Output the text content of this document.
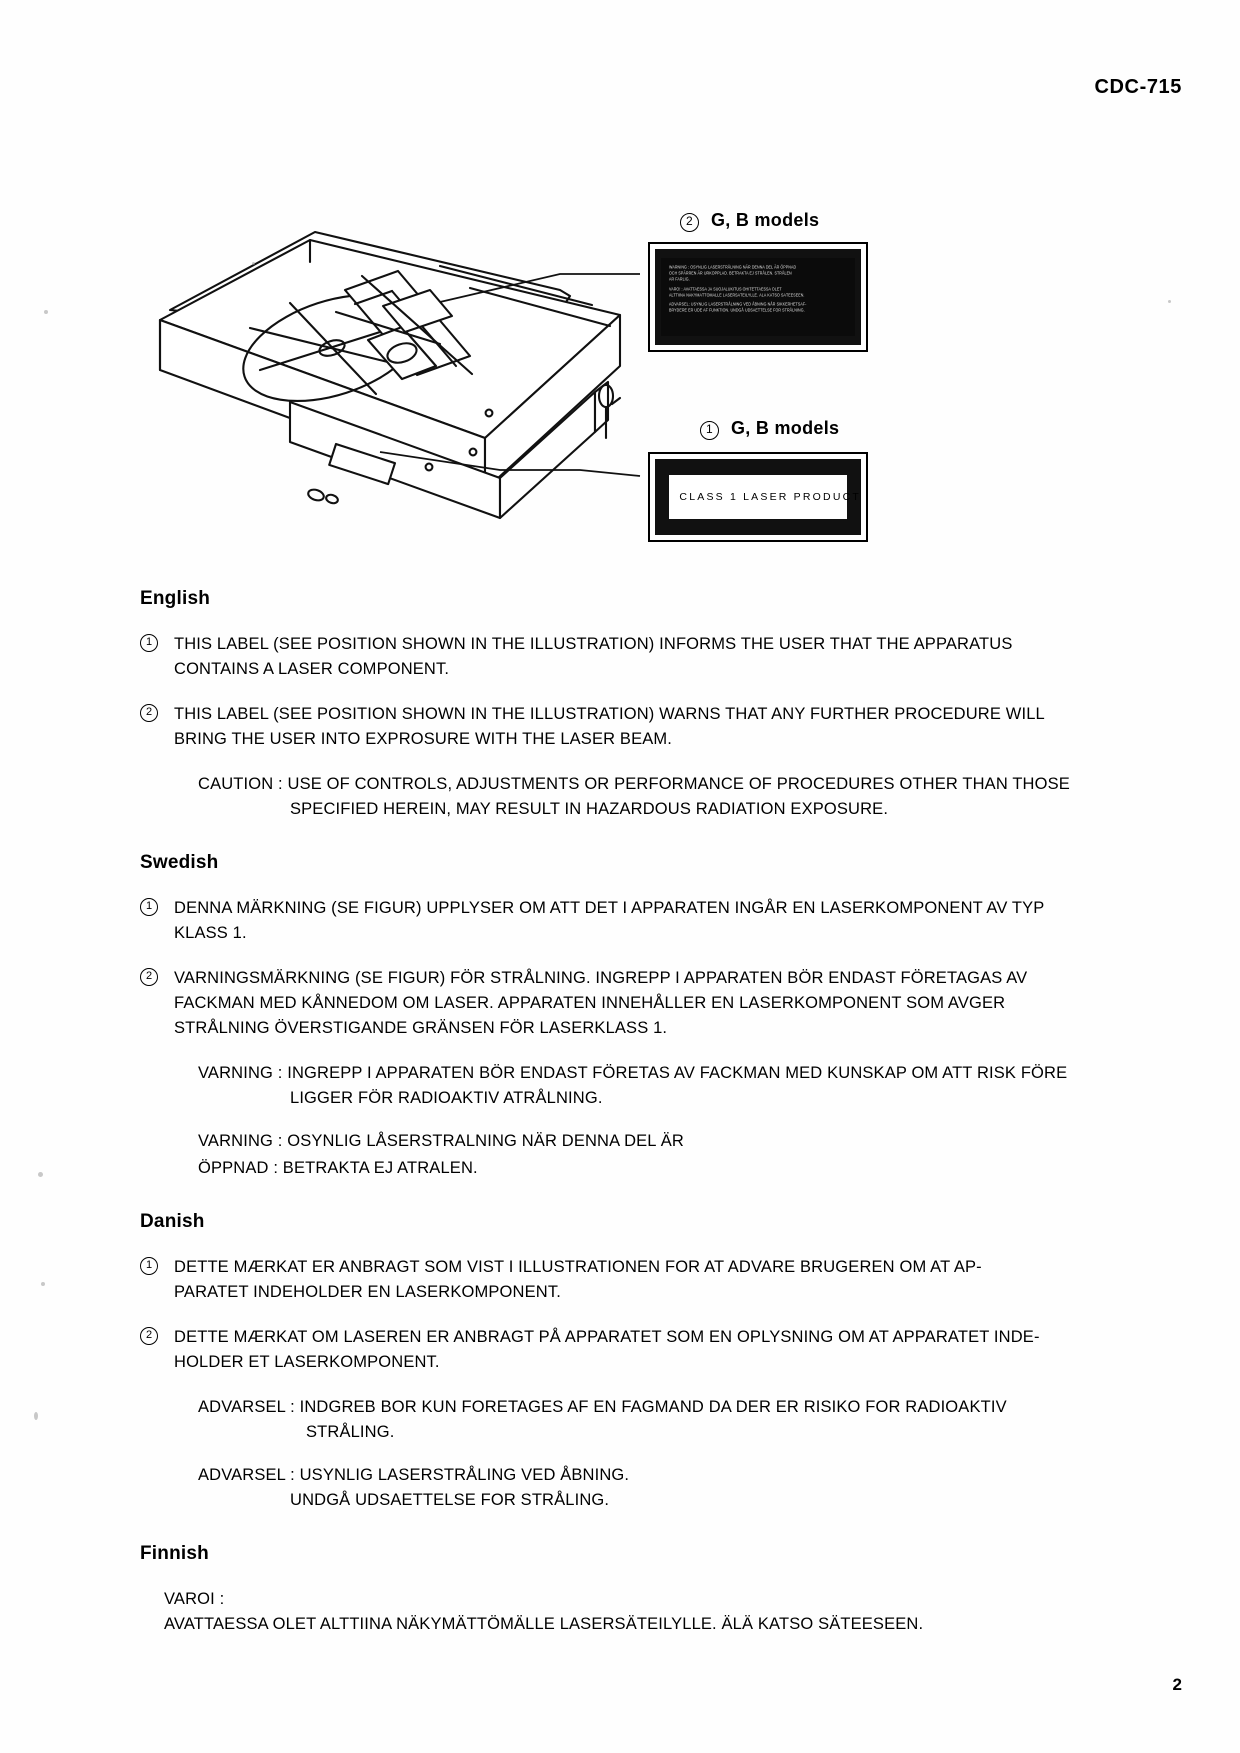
CDC-715
2 G, B models
WARNING : OSYNLIG LASERSTRÅLNING NÄR DENNA DEL ÄR ÖPPNAD
OCH SPÄRREN ÄR URKOPPLAD. BETRAKTA EJ STRÅLEN. STRÅLEN
ÄR FARLIG.
VARO! : AVATTAESSA JA SUOJALUKITUS OHITETTAESSA OLET
ALTTIINA NÄKYMÄTTÖMÄLLE LASERSÄTEILYLLE. ÄLÄ KATSO SÄTEESEEN.
ADVARSEL: USYNLIG LASERSTRÅLNING VED ÅBNING NÅR SIKKERHETSAF-
BRYDERE ER UDE AF FUNKTION. UNDGÅ UDSAETTELSE FOR STRÅLNING.
1 G, B models
CLASS 1 LASER PRODUCT
English
1	THIS LABEL (SEE POSITION SHOWN IN THE ILLUSTRATION) INFORMS THE USER THAT THE APPARATUS
CONTAINS A LASER COMPONENT.
2	THIS LABEL (SEE POSITION SHOWN IN THE ILLUSTRATION) WARNS THAT ANY FURTHER PROCEDURE WILL
BRING THE USER INTO EXPROSURE WITH THE LASER BEAM.
CAUTION : USE OF CONTROLS, ADJUSTMENTS OR PERFORMANCE OF PROCEDURES OTHER THAN THOSE
SPECIFIED HEREIN, MAY RESULT IN HAZARDOUS RADIATION EXPOSURE.
Swedish
1	DENNA MÄRKNING (SE FIGUR) UPPLYSER OM ATT DET I APPARATEN INGÅR EN LASERKOMPONENT AV TYP
KLASS 1.
2	VARNINGSMÄRKNING (SE FIGUR) FÖR STRÅLNING. INGREPP I APPARATEN BÖR ENDAST FÖRETAGAS AV
FACKMAN MED KÅNNEDOM OM LASER. APPARATEN INNEHÅLLER EN LASERKOMPONENT SOM AVGER
STRÅLNING ÖVERSTIGANDE GRÄNSEN FÖR LASERKLASS 1.
VARNING : INGREPP I APPARATEN BÖR ENDAST FÖRETAS AV FACKMAN MED KUNSKAP OM ATT RISK FÖRE
LIGGER FÖR RADIOAKTIV ATRÅLNING.
VARNING : OSYNLIG LÅSERSTRALNING NÄR DENNA DEL ÄR
ÖPPNAD : BETRAKTA EJ ATRALEN.
Danish
1	DETTE MÆRKAT ER ANBRAGT SOM VIST I ILLUSTRATIONEN FOR AT ADVARE BRUGEREN OM AT AP-
PARATET INDEHOLDER EN LASERKOMPONENT.
2	DETTE MÆRKAT OM LASEREN ER ANBRAGT PÅ APPARATET SOM EN OPLYSNING OM AT APPARATET INDE-
HOLDER ET LASERKOMPONENT.
ADVARSEL : INDGREB BOR KUN FORETAGES AF EN FAGMAND DA DER ER RISIKO FOR RADIOAKTIV
STRÅLING.
ADVARSEL : USYNLIG LASERSTRÅLING VED ÅBNING.
UNDGÅ UDSAETTELSE FOR STRÅLING.
Finnish
VAROI :
AVATTAESSA OLET ALTTIINA NÄKYMÄTTÖMÄLLE LASERSÄTEILYLLE. ÄLÄ KATSO SÄTEESEEN.
2
